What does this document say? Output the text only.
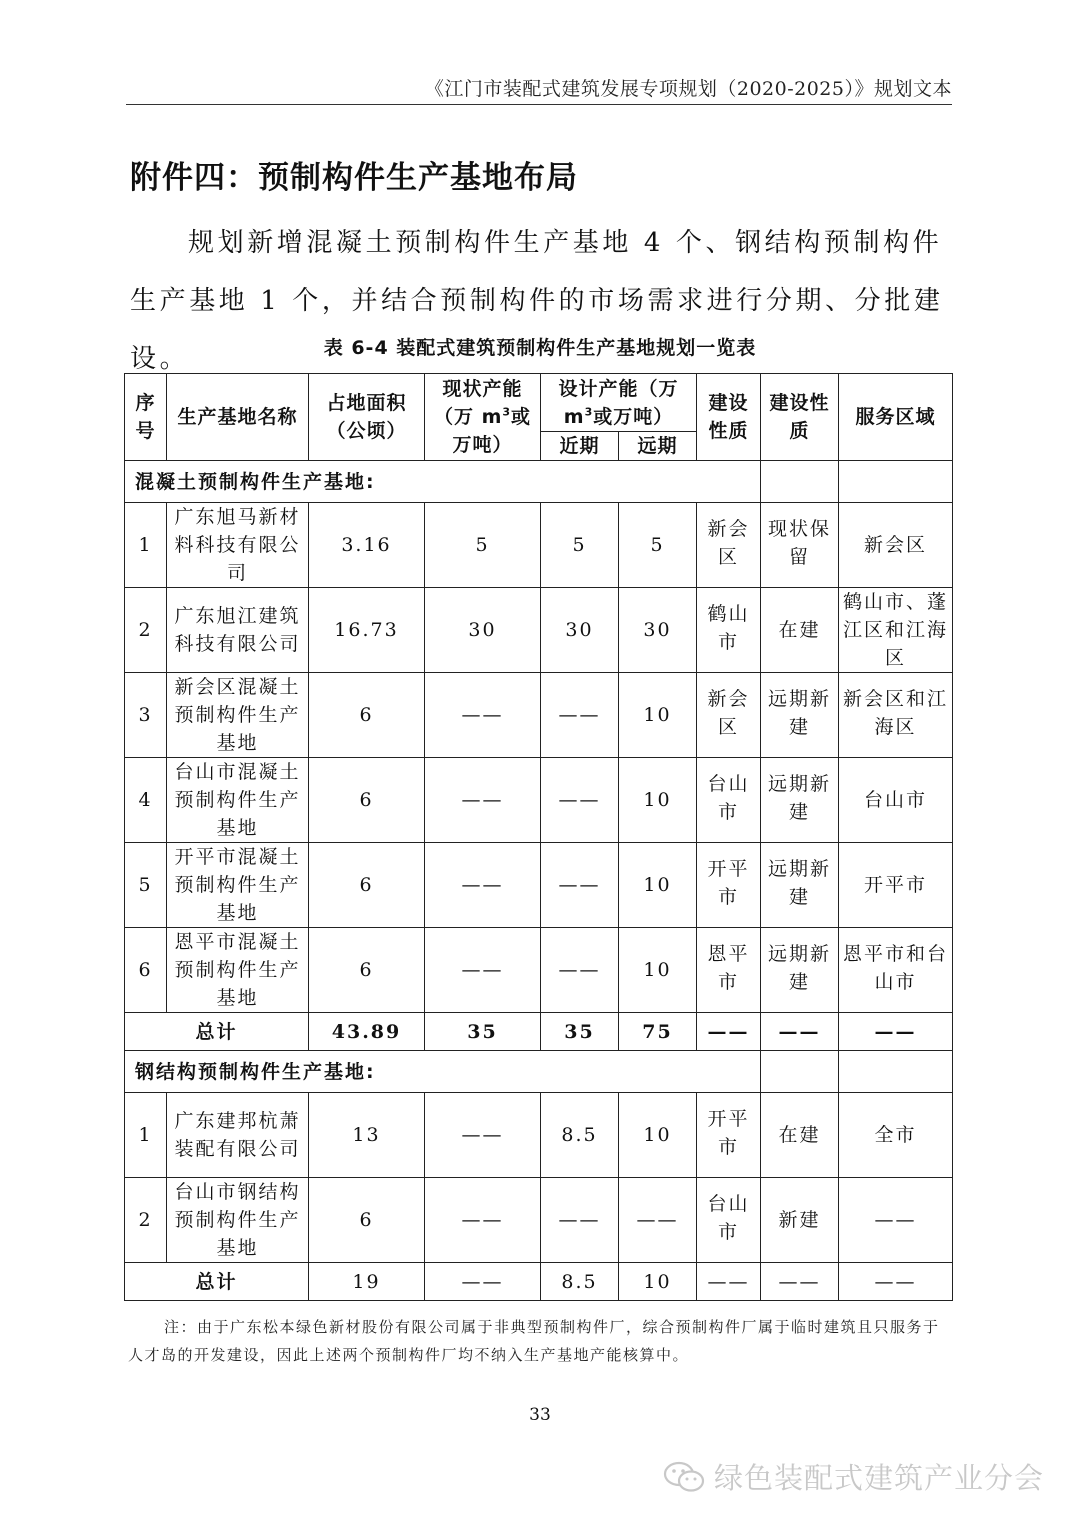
《江门市装配式建筑发展专项规划（2020-2025）》规划文本
附件四：预制构件生产基地布局
规划新增混凝土预制构件生产基地 4 个、钢结构预制构件生产基地 1 个，并结合预制构件的市场需求进行分期、分批建设。	表 6-4 装配式建筑预制构件生产基地规划一览表
序号	生产基地名称	占地面积（公顷）	现状产能（万 $m^3$或万吨）	设计产能（万 $m^3$或万吨）		建设性质	建设性质	服务区域
				近期	远期			
混凝土预制构件生产基地:								
1	广东旭马新材料科技有限公司	3.16	5	5	5	新会区	现状保留	新会区
2	广东旭江建筑科技有限公司	16.73	30	30	30	鹤山市	在建	鹤山市、蓬江区和江海区
3	新会区混凝土预制构件生产基地	6	——	——	10	新会区	远期新建	新会区和江海区
4	台山市混凝土预制构件生产基地	6	——	——	10	台山市	远期新建	台山市
5	开平市混凝土预制构件生产基地	6	——	——	10	开平市	远期新建	开平市
6	恩平市混凝土预制构件生产基地	6	——	——	10	恩平市	远期新建	恩平市和台山市
总计		43.89	35	35	75	——	——	——
钢结构预制构件生产基地:								
1	广东建邦杭萧装配有限公司	13	——	8.5	10	开平市	在建	全市
2	台山市钢结构预制构件生产基地	6	——	——	——	台山市	新建	——
总计		19	——	8.5	10	——	——	——
注：由于广东松本绿色新材股份有限公司属于非典型预制构件厂，综合预制构件厂属于临时建筑且只服务于人才岛的开发建设，因此上述两个预制构件厂均不纳入生产基地产能核算中。
33
绿色装配式建筑产业分会
